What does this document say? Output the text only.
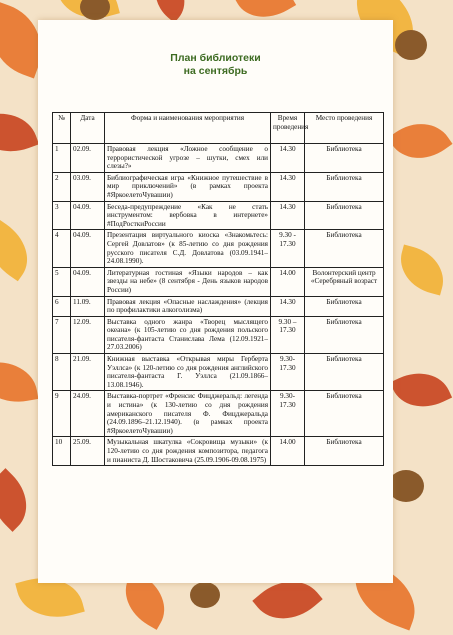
План библиотеки
на сентябрь
№	Дата	Форма и наименования мероприятия	Время проведения	Место проведения
1	02.09.	Правовая лекция «Ложное сообщение о террористической угрозе – шутки, смех или слезы?»	14.30	Библиотека
2	03.09.	Библиографическая игра «Книжное путешествие в мир приключений» (в рамках проекта #ЯркоелетоЧувашии)	14.30	Библиотека
3	04.09.	Беседа-предупреждение «Как не стать инструментом: вербовка в интернете» #ПодРосткиРоссии	14.30	Библиотека
4	04.09.	Презентация виртуального киоска «Знакомьтесь: Сергей Довлатов» (к 85-летию со дня рождения русского писателя С.Д. Довлатова (03.09.1941–24.08.1990).	9.30 - 17.30	Библиотека
5	04.09.	Литературная гостиная «Языки народов – как звезды на небе» (8 сентября - День языков народов России)	14.00	Волонтерский центр «Серебряный возраст
6	11.09.	Правовая лекция «Опасные наслаждения» (лекция по профилактики алкоголизма)	14.30	Библиотека
7	12.09.	Выставка одного жанра «Творец мыслящего океана» (к 105-летию со дня рождения польского писателя-фантаста Станислава Лема (12.09.1921–27.03.2006)	9.30 – 17.30	Библиотека
8	21.09.	Книжная выставка «Открывая миры Герберта Уэллса» (к 120-летию со дня рождения английского писателя-фантаста Г. Уэллса (21.09.1866–13.08.1946).	9.30- 17.30	Библиотека
9	24.09.	Выставка-портрет «Френсис Фицджеральд: легенда и истина» (к 130-летию со дня рождения американского писателя Ф. Фицджеральда (24.09.1896–21.12.1940). (в рамках проекта #ЯркоелетоЧувашии)	9.30- 17.30	Библиотека
10	25.09.	Музыкальная шкатулка «Сокровища музыки» (к 120-летию со дня рождения композитора, педагога и пианиста Д. Шостаковича (25.09.1906-09.08.1975)	14.00	Библиотека
